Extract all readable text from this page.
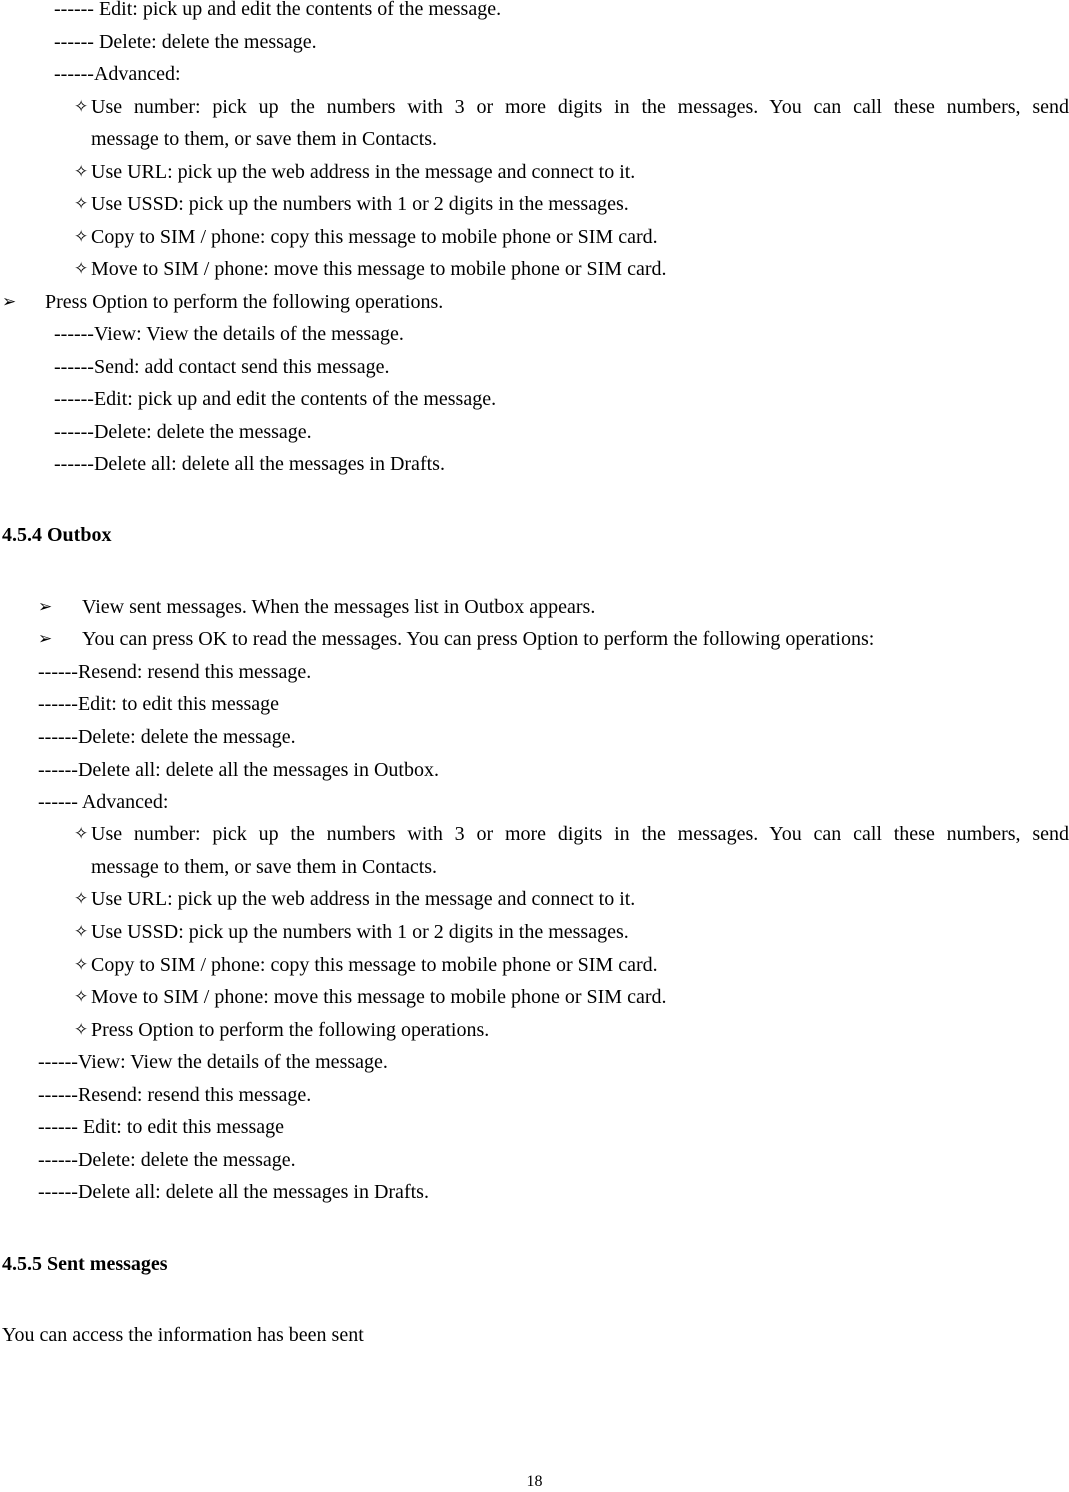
------ Edit: pick up and edit the contents of the message.
------ Delete: delete the message.
------Advanced:
✧ Use number: pick up the numbers with 3 or more digits in the messages. You can call these numbers, send
message to them, or save them in Contacts.
✧ Use URL: pick up the web address in the message and connect to it.
✧ Use USSD: pick up the numbers with 1 or 2 digits in the messages.
✧ Copy to SIM / phone: copy this message to mobile phone or SIM card.
✧ Move to SIM / phone: move this message to mobile phone or SIM card.
➢ Press Option to perform the following operations.
------View: View the details of the message.
------Send: add contact send this message.
------Edit: pick up and edit the contents of the message.
------Delete: delete the message.
------Delete all: delete all the messages in Drafts.
4.5.4 Outbox
➢ View sent messages. When the messages list in Outbox appears.
➢ You can press OK to read the messages. You can press Option to perform the following operations:
------Resend: resend this message.
------Edit: to edit this message
------Delete: delete the message.
------Delete all: delete all the messages in Outbox.
------ Advanced:
✧ Use number: pick up the numbers with 3 or more digits in the messages. You can call these numbers, send
message to them, or save them in Contacts.
✧ Use URL: pick up the web address in the message and connect to it.
✧ Use USSD: pick up the numbers with 1 or 2 digits in the messages.
✧ Copy to SIM / phone: copy this message to mobile phone or SIM card.
✧ Move to SIM / phone: move this message to mobile phone or SIM card.
✧ Press Option to perform the following operations.
------View: View the details of the message.
------Resend: resend this message.
------ Edit: to edit this message
------Delete: delete the message.
------Delete all: delete all the messages in Drafts.
4.5.5 Sent messages
You can access the information has been sent
18
